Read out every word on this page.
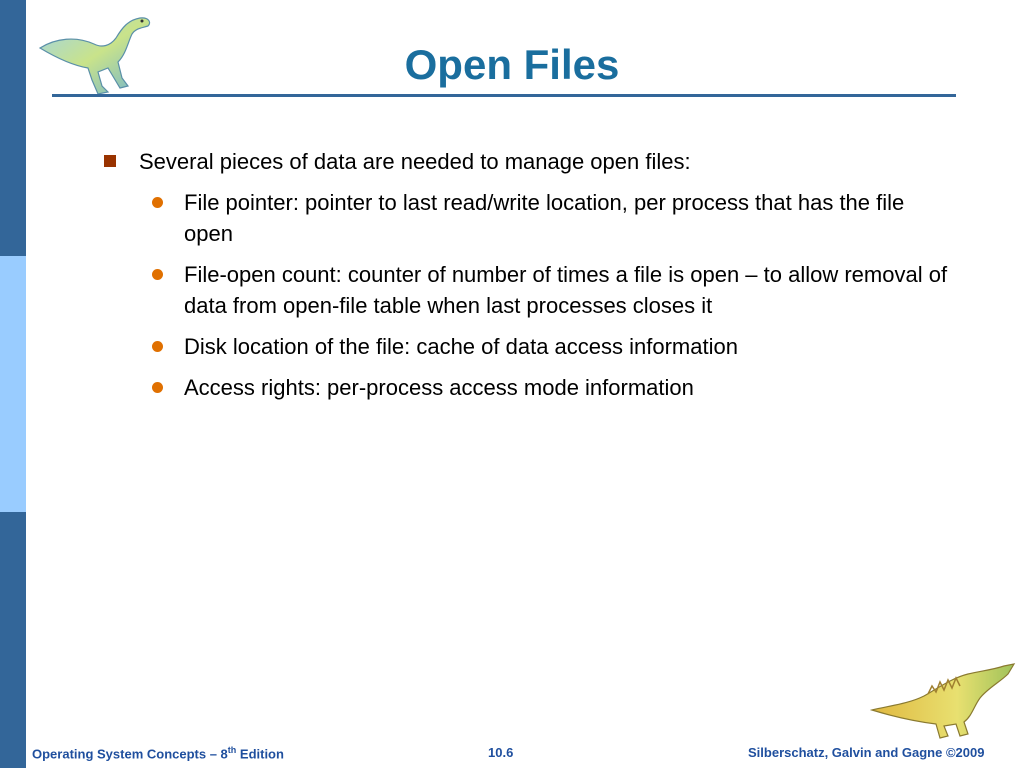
Open Files
Several pieces of data are needed to manage open files:
File pointer: pointer to last read/write location, per process that has the file open
File-open count: counter of number of times a file is open – to allow removal of data from open-file table when last processes closes it
Disk location of the file: cache of data access information
Access rights: per-process access mode information
Operating System Concepts – 8th Edition	10.6	Silberschatz, Galvin and Gagne ©2009
